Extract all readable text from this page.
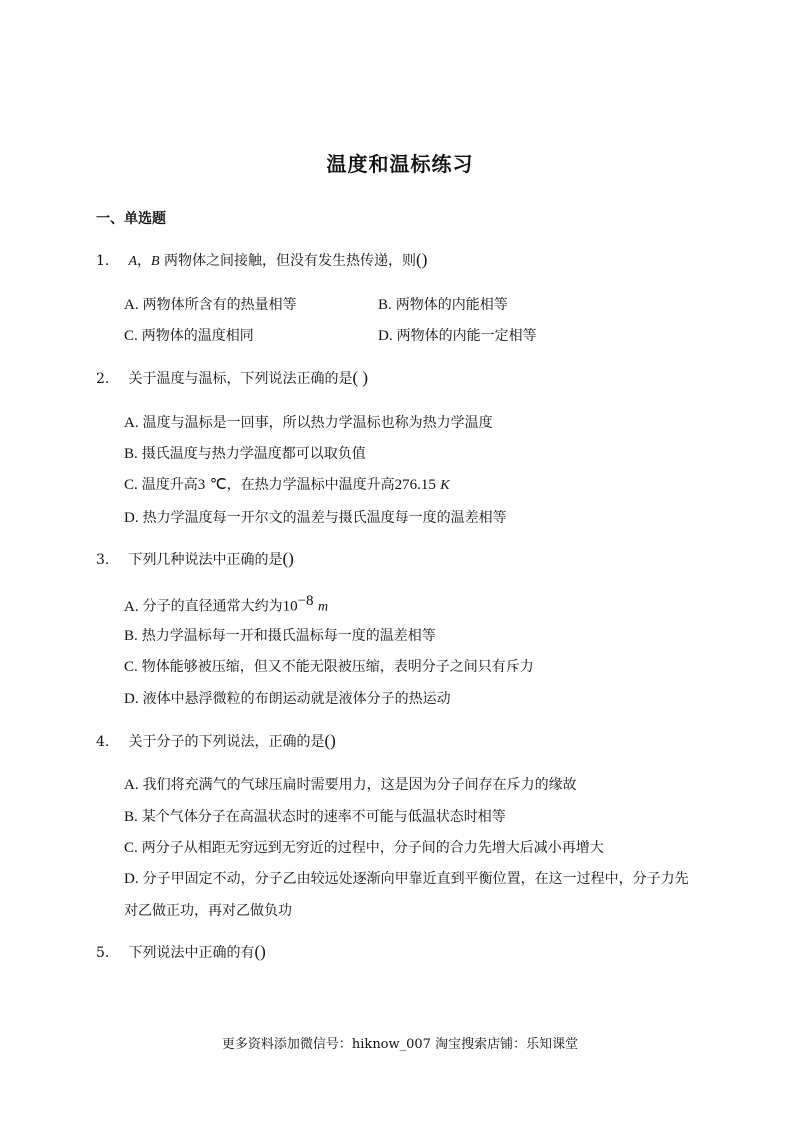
温度和温标练习
一、单选题
1. A，B 两物体之间接触，但没有发生热传递，则()
A. 两物体所含有的热量相等	B. 两物体的内能相等
C. 两物体的温度相同	D. 两物体的内能一定相等
2. 关于温度与温标，下列说法正确的是( )
A. 温度与温标是一回事，所以热力学温标也称为热力学温度
B. 摄氏温度与热力学温度都可以取负值
C. 温度升高3 ℃，在热力学温标中温度升高276.15 K
D. 热力学温度每一开尔文的温差与摄氏温度每一度的温差相等
3. 下列几种说法中正确的是()
A. 分子的直径通常大约为$10^{-8}$ m
B. 热力学温标每一开和摄氏温标每一度的温差相等
C. 物体能够被压缩，但又不能无限被压缩，表明分子之间只有斥力
D. 液体中悬浮微粒的布朗运动就是液体分子的热运动
4. 关于分子的下列说法，正确的是()
A. 我们将充满气的气球压扁时需要用力，这是因为分子间存在斥力的缘故
B. 某个气体分子在高温状态时的速率不可能与低温状态时相等
C. 两分子从相距无穷远到无穷近的过程中，分子间的合力先增大后减小再增大
D. 分子甲固定不动，分子乙由较远处逐渐向甲靠近直到平衡位置，在这一过程中，分子力先
对乙做正功，再对乙做负功
5. 下列说法中正确的有()
更多资料添加微信号：hiknow_007 淘宝搜索店铺：乐知课堂
